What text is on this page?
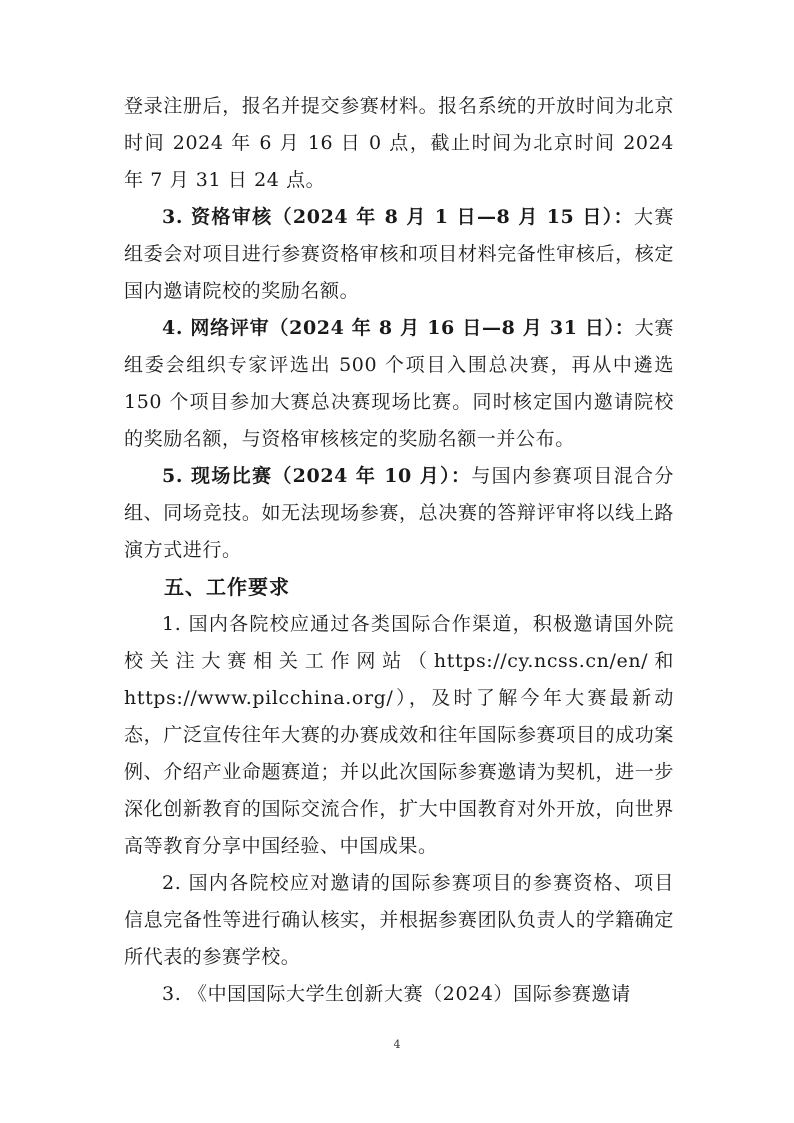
登录注册后，报名并提交参赛材料。报名系统的开放时间为北京时间 2024 年 6 月 16 日 0 点，截止时间为北京时间 2024 年 7 月 31 日 24 点。

3. 资格审核（2024 年 8 月 1 日—8 月 15 日）：大赛组委会对项目进行参赛资格审核和项目材料完备性审核后，核定国内邀请院校的奖励名额。

4. 网络评审（2024 年 8 月 16 日—8 月 31 日）：大赛组委会组织专家评选出 500 个项目入围总决赛，再从中遴选 150 个项目参加大赛总决赛现场比赛。同时核定国内邀请院校的奖励名额，与资格审核核定的奖励名额一并公布。

5. 现场比赛（2024 年 10 月）：与国内参赛项目混合分组、同场竞技。如无法现场参赛，总决赛的答辩评审将以线上路演方式进行。

五、工作要求

1. 国内各院校应通过各类国际合作渠道，积极邀请国外院校关注大赛相关工作网站（https://cy.ncss.cn/en/和 https://www.pilcchina.org/），及时了解今年大赛最新动态，广泛宣传往年大赛的办赛成效和往年国际参赛项目的成功案例、介绍产业命题赛道；并以此次国际参赛邀请为契机，进一步深化创新教育的国际交流合作，扩大中国教育对外开放，向世界高等教育分享中国经验、中国成果。

2. 国内各院校应对邀请的国际参赛项目的参赛资格、项目信息完备性等进行确认核实，并根据参赛团队负责人的学籍确定所代表的参赛学校。

3. 《中国国际大学生创新大赛（2024）国际参赛邀请

4
